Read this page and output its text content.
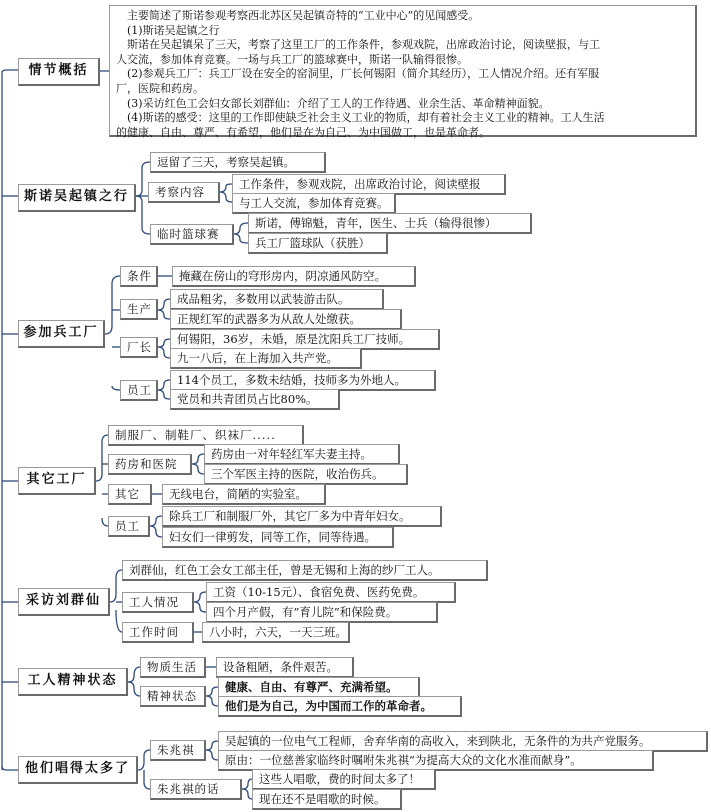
　主要简述了斯诺参观考察西北苏区吴起镇奇特的“工业中心”的见闻感受。
　(1)斯诺吴起镇之行
　斯诺在吴起镇呆了三天，考察了这里工厂的工作条件，参观戏院，出席政治讨论，阅读壁报，与工
人交流，参加体育竞赛。一场与兵工厂的篮球赛中，斯诺一队输得很惨。
　(2)参观兵工厂：兵工厂设在安全的窑洞里，厂长何锡阳（简介其经历），工人情况介绍。还有军服
厂，医院和药房。
　(3)采访红色工会妇女部长刘群仙：介绍了工人的工作待遇、业余生活、革命精神面貌。
　(4)斯诺的感受：这里的工作即使缺乏社会主义工业的物质，却有着社会主义工业的精神。工人生活
的健康、自由、尊严、有希望，他们是在为自己、为中国做工，也是革命者。
情节概括
斯诺吴起镇之行
参加兵工厂
其它工厂
采访刘群仙
工人精神状态
他们唱得太多了
逗留了三天，考察吴起镇。
考察内容
工作条件，参观戏院，出席政治讨论，阅读壁报
与工人交流，参加体育竞赛。
临时篮球赛
斯诺，傅锦魁，青年，医生、士兵（输得很惨）
兵工厂篮球队（获胜）
条件	掩藏在傍山的穹形房内，阴凉通风防空。
生产
成品粗劣，多数用以武装游击队。
正规红军的武器多为从敌人处缴获。
厂长
何锡阳，36岁，未婚，原是沈阳兵工厂技师。
九一八后，在上海加入共产党。
员工
114个员工，多数未结婚，技师多为外地人。
党员和共青团员占比80%。
制服厂、制鞋厂、织袜厂.....
药房和医院
药房由一对年轻红军夫妻主持。
三个军医主持的医院，收治伤兵。
其它	无线电台，简陋的实验室。
员工
除兵工厂和制服厂外，其它厂多为中青年妇女。
妇女们一律剪发，同等工作，同等待遇。
刘群仙，红色工会女工部主任，曾是无锡和上海的纱厂工人。
工人情况
工资（10-15元）、食宿免费、医药免费。
四个月产假，有”育儿院”和保险费。
工作时间	八小时，六天，一天三班。
物质生活	设备粗陋，条件艰苦。
精神状态
健康、自由、有尊严、充满希望。
他们是为自己，为中国而工作的革命者。
朱兆祺
吴起镇的一位电气工程师，舍弃华南的高收入，来到陕北，无条件的为共产党服务。
原由：一位慈善家临终时嘱咐朱兆祺“为提高大众的文化水准而献身”。
朱兆祺的话
这些人唱歌，费的时间太多了！
现在还不是唱歌的时候。
